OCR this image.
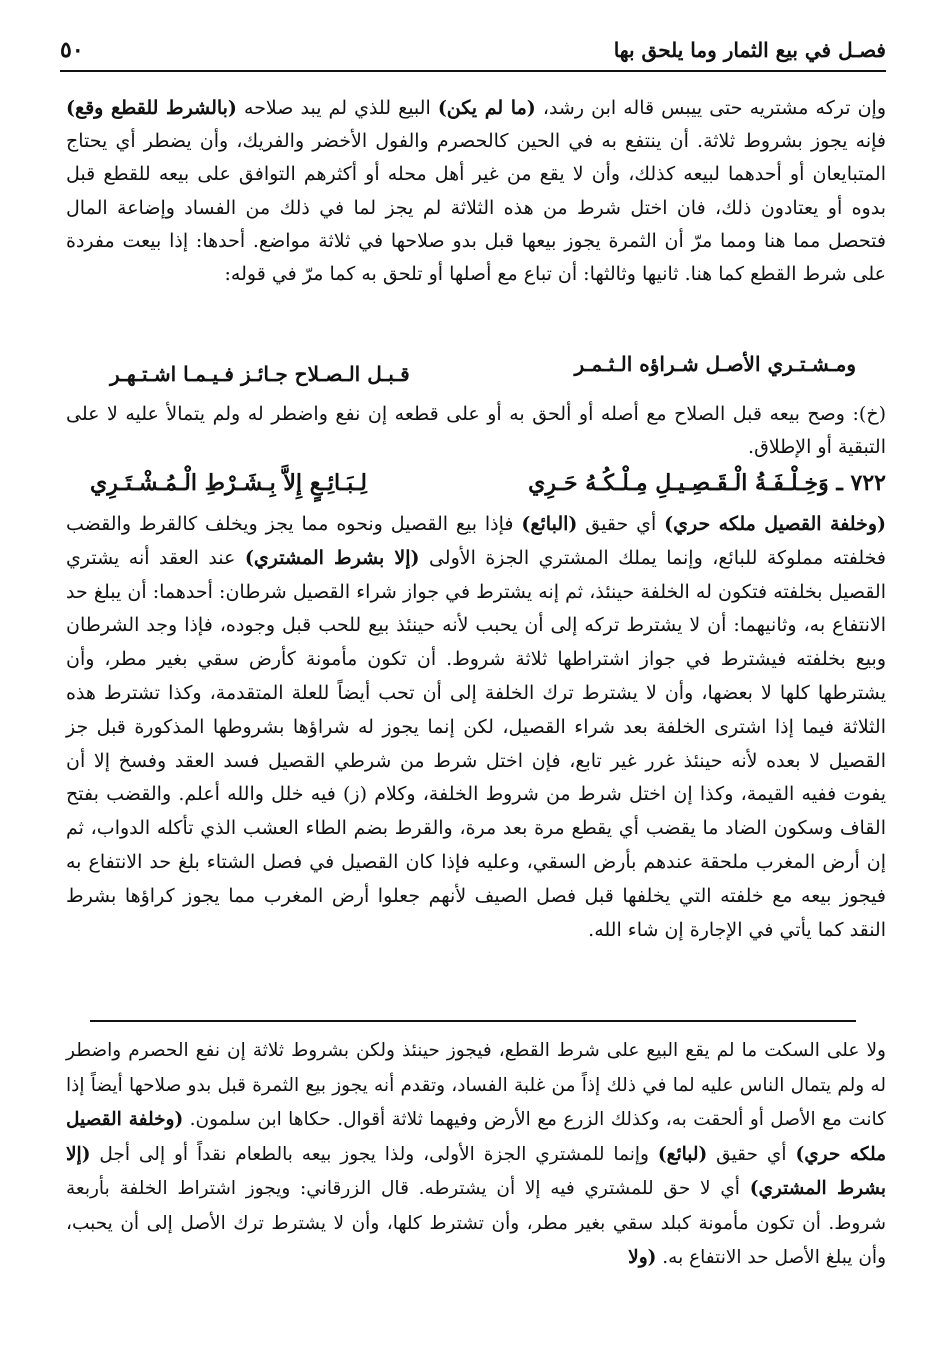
فصـل في بيع الثمار وما يلحق بها
٥٠

وإن تركه مشتريه حتى ييبس قاله ابن رشد، (ما لم يكن) البيع للذي لم يبد صلاحه (بالشرط للقطع وقع) فإنه يجوز بشروط ثلاثة. أن ينتفع به في الحين كالحصرم والفول الأخضر والفريك، وأن يضطر أي يحتاج المتبايعان أو أحدهما لبيعه كذلك، وأن لا يقع من غير أهل محله أو أكثرهم التوافق على بيعه للقطع قبل بدوه أو يعتادون ذلك، فان اختل شرط من هذه الثلاثة لم يجز لما في ذلك من الفساد وإضاعة المال فتحصل مما هنا ومما مرّ أن الثمرة يجوز بيعها قبل بدو صلاحها في ثلاثة مواضع. أحدها: إذا بيعت مفردة على شرط القطع كما هنا. ثانيها وثالثها: أن تباع مع أصلها أو تلحق به كما مرّ في قوله:

ومـشـتـري الأصـل شـراؤه الـثـمـر
قـبـل الـصـلاح جـائـز فـيـمـا اشـتـهـر

(خ): وصح بيعه قبل الصلاح مع أصله أو ألحق به أو على قطعه إن نفع واضطر له ولم يتمالأ عليه لا على التبقية أو الإطلاق.

٧٢٢ ـ وَخِـلْـفَـةُ الْـقَـصِـيـلِ مِـلْـكُـهُ حَـرِي
لِـبَـائِـعٍ إِلاَّ بِـشَـرْطِ الْـمُـشْـتَـرِي

(وخلفة القصيل ملكه حري) أي حقيق (البائع) فإذا بيع القصيل ونحوه مما يجز ويخلف كالقرط والقضب فخلفته مملوكة للبائع، وإنما يملك المشتري الجزة الأولى (إلا بشرط المشتري) عند العقد أنه يشتري القصيل بخلفته فتكون له الخلفة حينئذ، ثم إنه يشترط في جواز شراء القصيل شرطان: أحدهما: أن يبلغ حد الانتفاع به، وثانيهما: أن لا يشترط تركه إلى أن يحبب لأنه حينئذ بيع للحب قبل وجوده، فإذا وجد الشرطان وبيع بخلفته فيشترط في جواز اشتراطها ثلاثة شروط. أن تكون مأمونة كأرض سقي بغير مطر، وأن يشترطها كلها لا بعضها، وأن لا يشترط ترك الخلفة إلى أن تحب أيضاً للعلة المتقدمة، وكذا تشترط هذه الثلاثة فيما إذا اشترى الخلفة بعد شراء القصيل، لكن إنما يجوز له شراؤها بشروطها المذكورة قبل جز القصيل لا بعده لأنه حينئذ غرر غير تابع، فإن اختل شرط من شرطي القصيل فسد العقد وفسخ إلا أن يفوت ففيه القيمة، وكذا إن اختل شرط من شروط الخلفة، وكلام (ز) فيه خلل والله أعلم. والقضب بفتح القاف وسكون الضاد ما يقضب أي يقطع مرة بعد مرة، والقرط بضم الطاء العشب الذي تأكله الدواب، ثم إن أرض المغرب ملحقة عندهم بأرض السقي، وعليه فإذا كان القصيل في فصل الشتاء بلغ حد الانتفاع به فيجوز بيعه مع خلفته التي يخلفها قبل فصل الصيف لأنهم جعلوا أرض المغرب مما يجوز كراؤها بشرط النقد كما يأتي في الإجارة إن شاء الله.

ولا على السكت ما لم يقع البيع على شرط القطع، فيجوز حينئذ ولكن بشروط ثلاثة إن نفع الحصرم واضطر له ولم يتمال الناس عليه لما في ذلك إذاً من غلبة الفساد، وتقدم أنه يجوز بيع الثمرة قبل بدو صلاحها أيضاً إذا كانت مع الأصل أو ألحقت به، وكذلك الزرع مع الأرض وفيهما ثلاثة أقوال. حكاها ابن سلمون. (وخلفة القصيل ملكه حري) أي حقيق (لبائع) وإنما للمشتري الجزة الأولى، ولذا يجوز بيعه بالطعام نقداً أو إلى أجل (إلا بشرط المشتري) أي لا حق للمشتري فيه إلا أن يشترطه. قال الزرقاني: ويجوز اشتراط الخلفة بأربعة شروط. أن تكون مأمونة كبلد سقي بغير مطر، وأن تشترط كلها، وأن لا يشترط ترك الأصل إلى أن يحبب، وأن يبلغ الأصل حد الانتفاع به. (ولا
